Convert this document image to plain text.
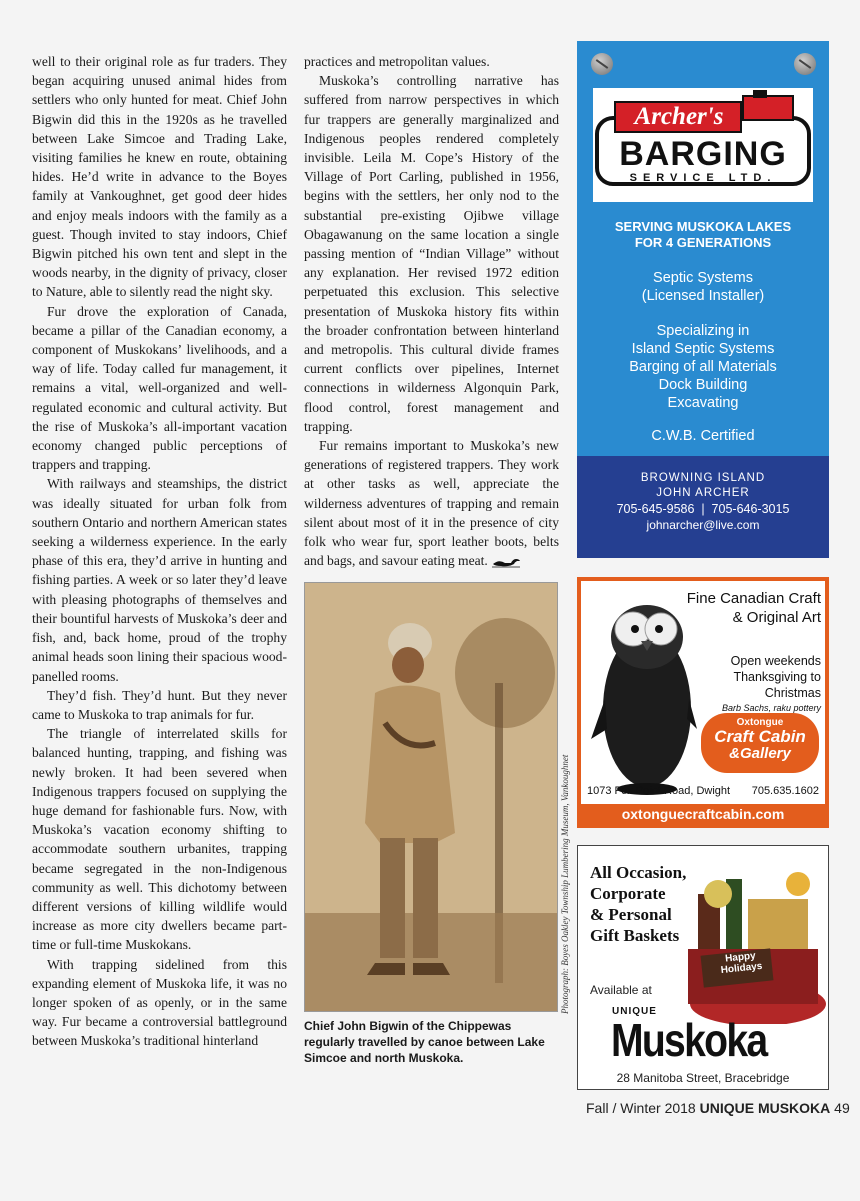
well to their original role as fur traders. They began acquiring unused animal hides from settlers who only hunted for meat. Chief John Bigwin did this in the 1920s as he travelled between Lake Simcoe and Trading Lake, visiting families he knew en route, obtaining hides. He’d write in advance to the Boyes family at Vankoughnet, get good deer hides and enjoy meals indoors with the family as a guest. Though invited to stay indoors, Chief Bigwin pitched his own tent and slept in the woods nearby, in the dignity of privacy, closer to Nature, able to silently read the night sky.

Fur drove the exploration of Canada, became a pillar of the Canadian economy, a component of Muskokans’ livelihoods, and a way of life. Today called fur management, it remains a vital, well-organized and well-regulated economic and cultural activity. But the rise of Muskoka’s all-important vacation economy changed public perceptions of trappers and trapping.

With railways and steamships, the district was ideally situated for urban folk from southern Ontario and northern American states seeking a wilderness experience. In the early phase of this era, they’d arrive in hunting and fishing parties. A week or so later they’d leave with pleasing photographs of themselves and their bountiful harvests of Muskoka’s deer and fish, and, back home, proud of the trophy animal heads soon lining their spacious wood-panelled rooms.

They’d fish. They’d hunt. But they never came to Muskoka to trap animals for fur.

The triangle of interrelated skills for balanced hunting, trapping, and fishing was newly broken. It had been severed when Indigenous trappers focused on supplying the huge demand for fashionable furs. Now, with Muskoka’s vacation economy shifting to accommodate southern urbanites, trapping became segregated in the non-Indigenous community as well. This dichotomy between different versions of killing wildlife would increase as more city dwellers became part-time or full-time Muskokans.

With trapping sidelined from this expanding element of Muskoka life, it was no longer spoken of as openly, or in the same way. Fur became a controversial battleground between Muskoka’s traditional hinterland

practices and metropolitan values.

Muskoka’s controlling narrative has suffered from narrow perspectives in which fur trappers are generally marginalized and Indigenous peoples rendered completely invisible. Leila M. Cope’s History of the Village of Port Carling, published in 1956, begins with the settlers, her only nod to the substantial pre-existing Ojibwe village Obagawanung on the same location a single passing mention of “Indian Village” without any explanation. Her revised 1972 edition perpetuated this exclusion. This selective presentation of Muskoka history fits within the broader confrontation between hinterland and metropolis. This cultural divide frames current conflicts over pipelines, Internet connections in wilderness Algonquin Park, flood control, forest management and trapping.

Fur remains important to Muskoka’s new generations of registered trappers. They work at other tasks as well, appreciate the wilderness adventures of trapping and remain silent about most of it in the presence of city folk who wear fur, sport leather boots, belts and bags, and savour eating meat.

Photograph: Boyes Oakley Township Lumbering Museum, Vankoughnet
Chief John Bigwin of the Chippewas regularly travelled by canoe between Lake Simcoe and north Muskoka.
Archer's
BARGING
SERVICE LTD.
SERVING MUSKOKA LAKES
FOR 4 GENERATIONS
Septic Systems
(Licensed Installer)
Specializing in
Island Septic Systems
Barging of all Materials
Dock Building
Excavating
C.W.B. Certified
BROWNING ISLAND
JOHN ARCHER
705-645-9586  |  705-646-3015
johnarcher@live.com
Fine Canadian Craft
& Original Art
Open weekends
Thanksgiving to
Christmas
Barb Sachs, raku pottery
Oxtongue
Craft Cabin
&Gallery
1073 Fox Point Road, Dwight 705.635.1602
oxtonguecraftcabin.com
All Occasion,
Corporate
& Personal
Gift Baskets
Happy
Holidays
Available at
UNIQUE
Muskoka
28 Manitoba Street, Bracebridge
Fall / Winter 2018 UNIQUE MUSKOKA 49
